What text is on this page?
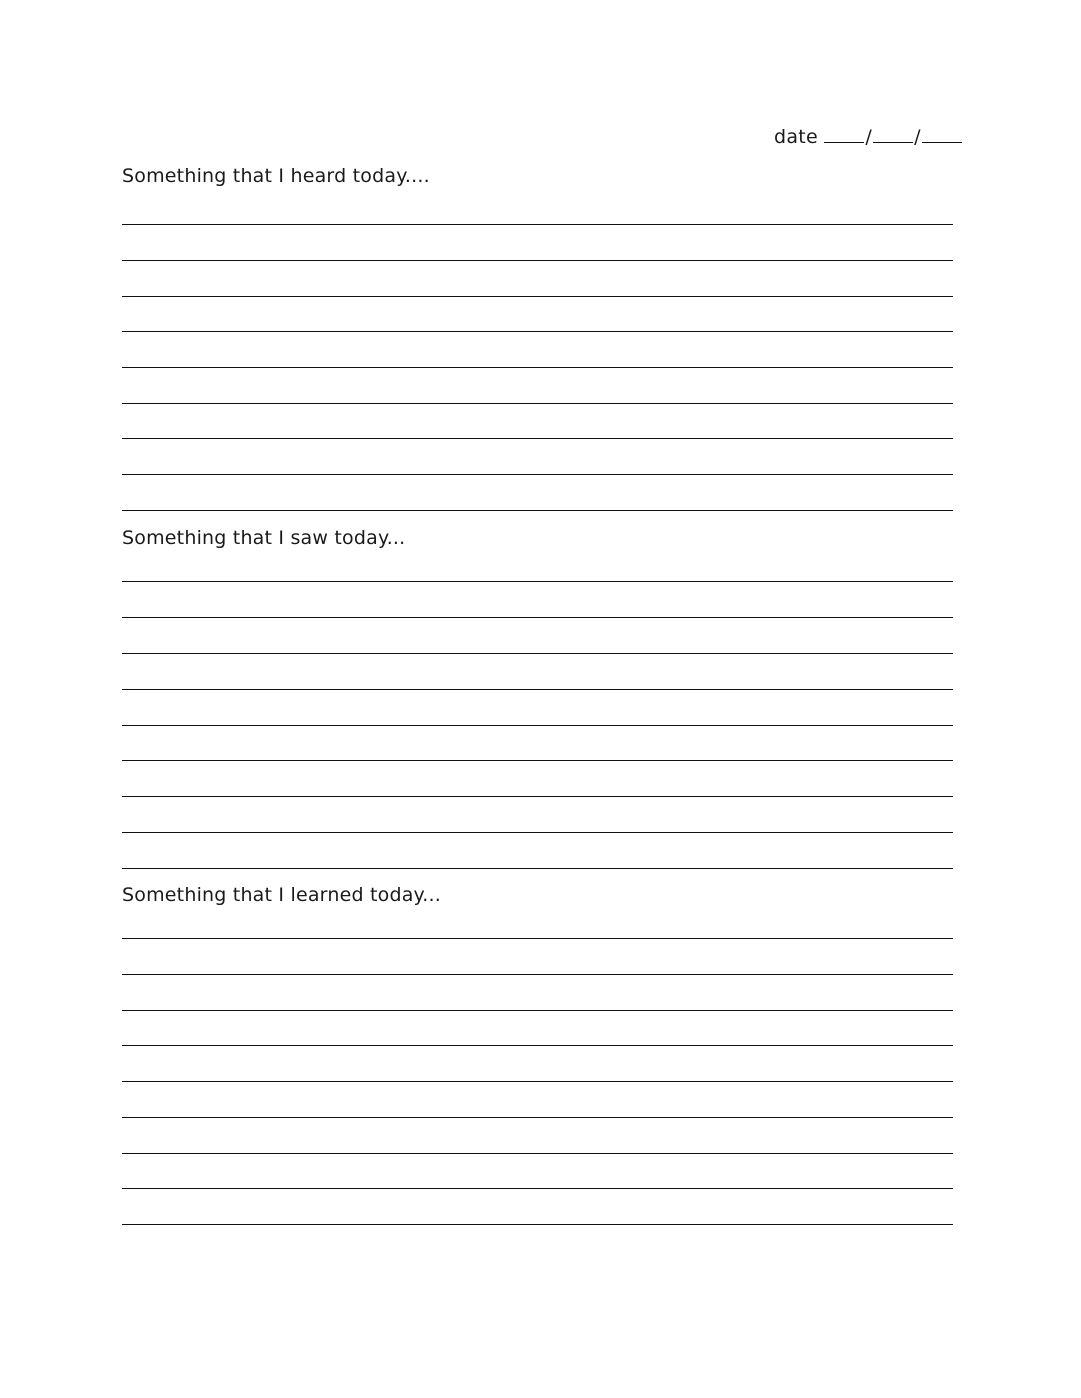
date / /
Something that I heard today....
Something that I saw today...
Something that I learned today...
